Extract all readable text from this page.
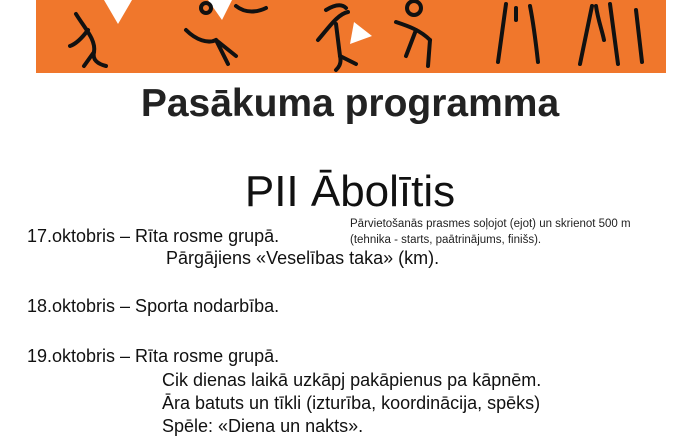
Pasākuma programma
PII Ābolītis
17.oktobris – Rīta rosme grupā.
Pārgājiens «Veselības taka» (km).
Pārvietošanās prasmes soļojot (ejot) un skrienot 500 m
(tehnika - starts, paātrinājums, finišs).
18.oktobris – Sporta nodarbība.
19.oktobris – Rīta rosme grupā.
Cik dienas laikā uzkāpj pakāpienus pa kāpnēm.
Āra batuts un tīkli (izturība, koordinācija, spēks)
Spēle: «Diena un nakts».
